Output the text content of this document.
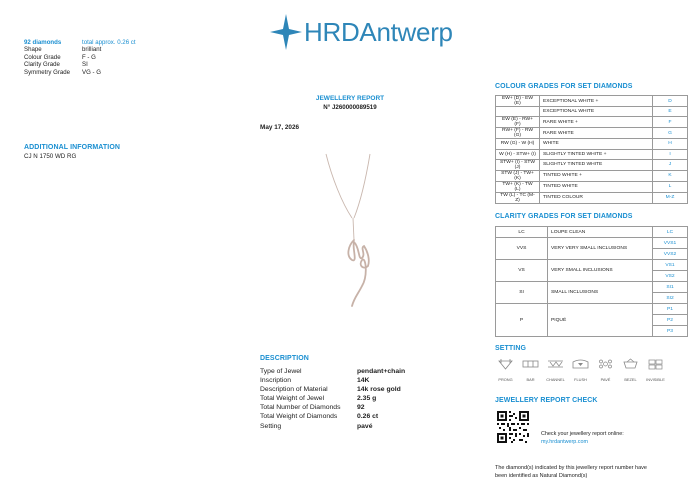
92 diamonds	total approx. 0.26 ct
Shape	brilliant
Colour Grade	F - G
Clarity Grade	SI
Symmetry Grade	VG - G
ADDITIONAL INFORMATION
CJ N 1750 WD RG
HRDAntwerp
JEWELLERY REPORT
N° J260000089519
May 17, 2026
DESCRIPTION
Type of Jewel	pendant+chain
Inscription	14K
Description of Material	14k rose gold
Total Weight of Jewel	2.35 g
Total Number of Diamonds	92
Total Weight of Diamonds	0.26 ct
Setting	pavé
COLOUR GRADES FOR SET DIAMONDS
EW+ (D) - EW (E)	EXCEPTIONAL WHITE +	D
	EXCEPTIONAL WHITE	E
EW (E) - RW+ (F)	RARE WHITE +	F
RW+ (F) - RW (G)	RARE WHITE	G
RW (G) - W (H)	WHITE	H
W (H) - STW+ (I)	SLIGHTLY TINTED WHITE +	I
STW+ (I) - STW (J)	SLIGHTLY TINTED WHITE	J
STW (J) - TW+ (K)	TINTED WHITE +	K
TW+ (K) - TW (L)	TINTED WHITE	L
TW (L) - TC (M-Z)	TINTED COLOUR	M-Z
CLARITY GRADES FOR SET DIAMONDS
LC	LOUPE CLEAN	LC
VVS	VERY VERY SMALL INCLUSIONS	VVS1
		VVS2
VS	VERY SMALL INCLUSIONS	VS1
		VS2
SI	SMALL INCLUSIONS	SI1
		SI2
P	PIQUÉ	P1
		P2
		P3
SETTING
PRONG	BAR	CHANNEL	FLUSH	PAVÉ	BEZEL	INVISIBLE
JEWELLERY REPORT CHECK
Check your jewellery report online:
my.hrdantwerp.com
The diamond(s) indicated by this jewellery report number have
been identified as Natural Diamond(s)
